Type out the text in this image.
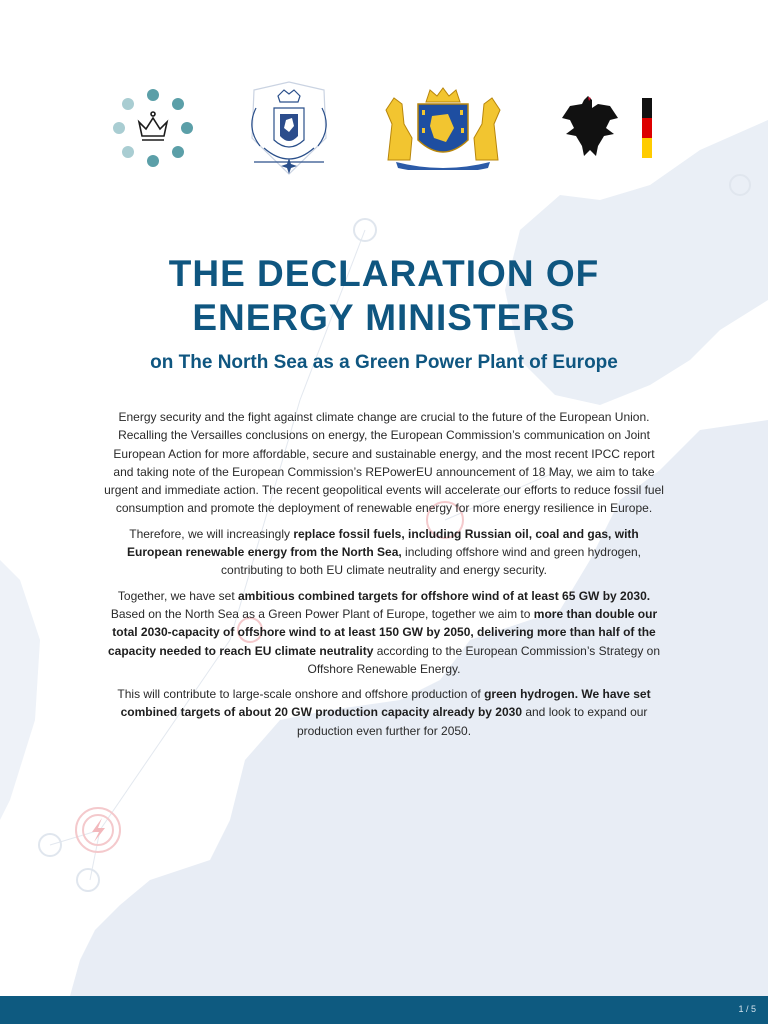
THE DECLARATION OF
ENERGY MINISTERS
on The North Sea as a Green Power Plant of Europe

Energy security and the fight against climate change are crucial to the future of the European Union. Recalling the Versailles conclusions on energy, the European Commission’s communication on Joint European Action for more affordable, secure and sustainable energy, and the most recent IPCC report and taking note of the European Commission’s REPowerEU announcement of 18 May, we aim to take urgent and immediate action. The recent geopolitical events will accelerate our efforts to reduce fossil fuel consumption and promote the deployment of renewable energy for more energy resilience in Europe.

Therefore, we will increasingly replace fossil fuels, including Russian oil, coal and gas, with European renewable energy from the North Sea, including offshore wind and green hydrogen, contributing to both EU climate neutrality and energy security.

Together, we have set ambitious combined targets for offshore wind of at least 65 GW by 2030. Based on the North Sea as a Green Power Plant of Europe, together we aim to more than double our total 2030-capacity of offshore wind to at least 150 GW by 2050, delivering more than half of the capacity needed to reach EU climate neutrality according to the European Commission’s Strategy on Offshore Renewable Energy.

This will contribute to large-scale onshore and offshore production of green hydrogen. We have set combined targets of about 20 GW production capacity already by 2030 and look to expand our production even further for 2050.

1 / 5
